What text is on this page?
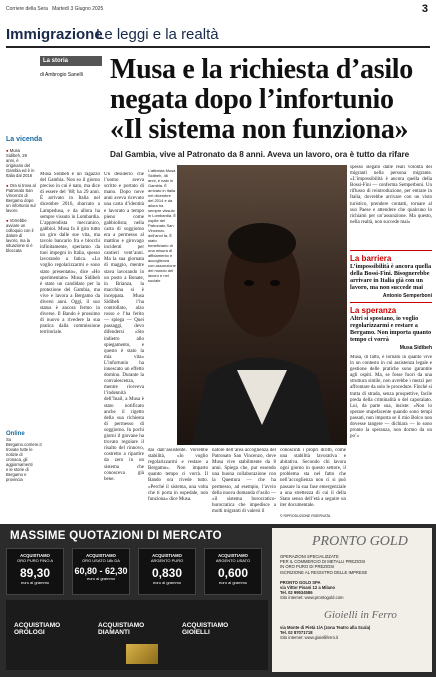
Corriere della Sera Martedì 3 Giugno 2025	3
Immigrazione
Le leggi e la realtà
La storia
di Ambrogio Sanelli Musa e la richiesta d’asilo negata dopo l’infortunio «Il sistema non funziona»
Dal Gambia, vive al Patronato da 8 anni. Aveva un lavoro, ora è tutto da rifare
La vicenda

● Musa Sidibeh, 29 anni, è originario del Gambia ed è in Italia dal 2016

● Ora si trova al Patronato San Vincenzo di Bergamo dopo un infortunio sul lavoro

● Vorrebbe avviare un colloquio con il datore di lavoro, ma la situazione si è bloccata

Online
Su Bergamo.corriere.it trovate tutte le notizie di cronaca, gli aggiornamenti e le storie di Bergamo e provincia
Musa Sidibeh è un ragazzo del Gambia. Non so il giorno preciso in cui è nato, ma dice di essere del ’88; ha 29 anni. È arrivato in Italia nel dicembre 2016, sbarcato a Lampedusa, e da allora ha sempre vissuto in Lombardia. L’apprendista meccanico, gabbiol. Musa fa il giro tutto un giro dalle sue vita, ma tavolo bancario fra e blocchi infinitamente, speriamo da tuoi impegni in Italia, spesso lavorando a fatica. «Lo voglio regolarizzarmi e sono stato presentato», dice «Ho sperimentato» Musa Sidibeh è stato un candidato per la protezione del Gambia, ma vive e lavora a Bergamo da diversi anni. Oggi, il suo status è ancora fermo in diverse. Il Bando è prossimo di nuovo a rivedere la sua pratica dalla commissione territoriale.
Un desiderio che l’uomo aveva scritto e portato di mano. Dopo nove anni aveva ricevuto una carta d’identità e lavorato a tempo pieno come gabbiolista; nella carta di soggiorno era a permesso al mattino e girovago incidenti per cantieri vent’anni. Ma la sua giornata di maggio, mentre stava lavorando in un posto a Bonate, in Brianza, la macchina si è inceppata. Musa Sidibeh l’ha controllato, alzo rosso e l’ha ferito — spiega — Quei passaggi, devo difendersi «Sto indietro allo spiegamento, e questo è stato la mia vita» L’infortunio ha innescato un effetto domino. Durante la convalescenza, mentre riceveva l’indennità dell’Inail, a Musa è stato notificato anche il rigetto della sua richiesta di permesso di soggiorno. In pochi giorni il giovane ha trovato regolare il risalto del rinnovo, costretto a ripartire da zero in un sistema che conosceva già bene.
L’attivista Musa Sidibeh, 46 anni, è nato in Gambia. È arrivato in Italia nel dicembre del 2014 e da allora ha sempre vissuto in Lombardia. È ospite del Patronato San Vincenzo dell’anni fa. È stato beneficiario di una misura di affidamento e accoglienza con assunzione del mondo del lavoro e nel sociale
dai dall’assistente. Vorrebbe stabilità, «Io voglio regolarizzarmi e restare a Bergamo». Non imparto quanto tempo ci vorrà. Il Bando ora rivede tutto. «Perché il sistema, una volta che ti porta in ospedale, non funziona» dice Musa.
natore dell’area accoglienza del Patronato San Vincenzo, dove Musa vive stabilmente da 8 anni. Spiega che, pur essendo una buona collaborazione con la Questura — che ha permesso, ad esempio, l’avvio della nuova domanda d’asilo — «il sistema burocratico-burocratica che impedisce a molti migranti di valersi il
conoscinti i propri diritti, come una stabilità lavorativa e abitativa. Secondo chi lavora ogni giorno in questo settore, il problema sta nel fatto che nell’accoglienza non ci si può passare la sua fase emergenziale a una strettezza di cui il della Stato senso dell’età a seguire un iter documentale.
© RIPRODUZIONE RISERVATA
spesso slegato dalle reali volontà dei migranti nella persona migrante. «L’impossibilità è ancora quella della Bossi-Fini — conferma Semperboni. Un riflusso di reintroduzione, per entrare in Italia, dovrebbe arrivare con un visto turistico, prendere contatti, tornare al suo Paese e attendere che qualcuno lo richiami per un’assunzione. Ma questo, nella realtà, non succede mai»
La barriera
L’impossibilità è ancora quella della Bossi-Fini. Bisognerebbe arrivare in Italia già con un lavoro, ma non succede mai
Antonio Semperboni
La speranza
Altri si spostano, io voglio regolarizzarmi e restare a Bergamo. Non importa quanto tempo ci vorrà
Musa Sidibeh
Musa, di fatto, è tornato in quanto vive in un contesto in cui assistenza legale e gestione delle pratiche sono garantite agli ospiti. Ma, se fosse fuori da una struttura simile, non avrebbe i mezzi per affrontare da solo le procedure. Finché si tratta di strada, senza prospettive, facile preda della criminalità o del caporalato. Lui, da parte sua, insiste: «Non lo sperare stupefacente quando sono tempi passati, non importa se il mio Bolco non dovesse tangere — dichiara — lo sono pronto la speranza, non dormo da un po’»
MASSIME QUOTAZIONI DI MERCATO
ACQUISTIAMO
ORO PURO FINO A
89,30
euro al grammo
ACQUISTIAMO
ORO USATO 18k DA
60,80 - 62,30
euro al grammo
ACQUISTIAMO
ARGENTO PURO
0,830
euro al grammo
ACQUISTIAMO
ARGENTO USATO
0,600
euro al grammo
ACQUISTIAMO OROLOGI
ACQUISTIAMO DIAMANTI
ACQUISTIAMO GIOIELLI
PRONTO GOLD
OPERAZIONI SPECIALIZZATE
PER IL COMMERCIO DI METALLI PREZIOSI
IN ORO PURO DI PREZIOSI
ISCRIZIONE AL REGISTRO DELLE IMPRESE
PRONTO GOLD SPA
via Vittor Pisani 12 a Milano
Tel. 02 99534586
Sito internet: www.prontogold.com
Gioielli in Ferro
via Monte di Pietà 1/A (zona Teatro alla Scala)
Tel. 02 87071718
Sito internet: www.gioielliferro.it
